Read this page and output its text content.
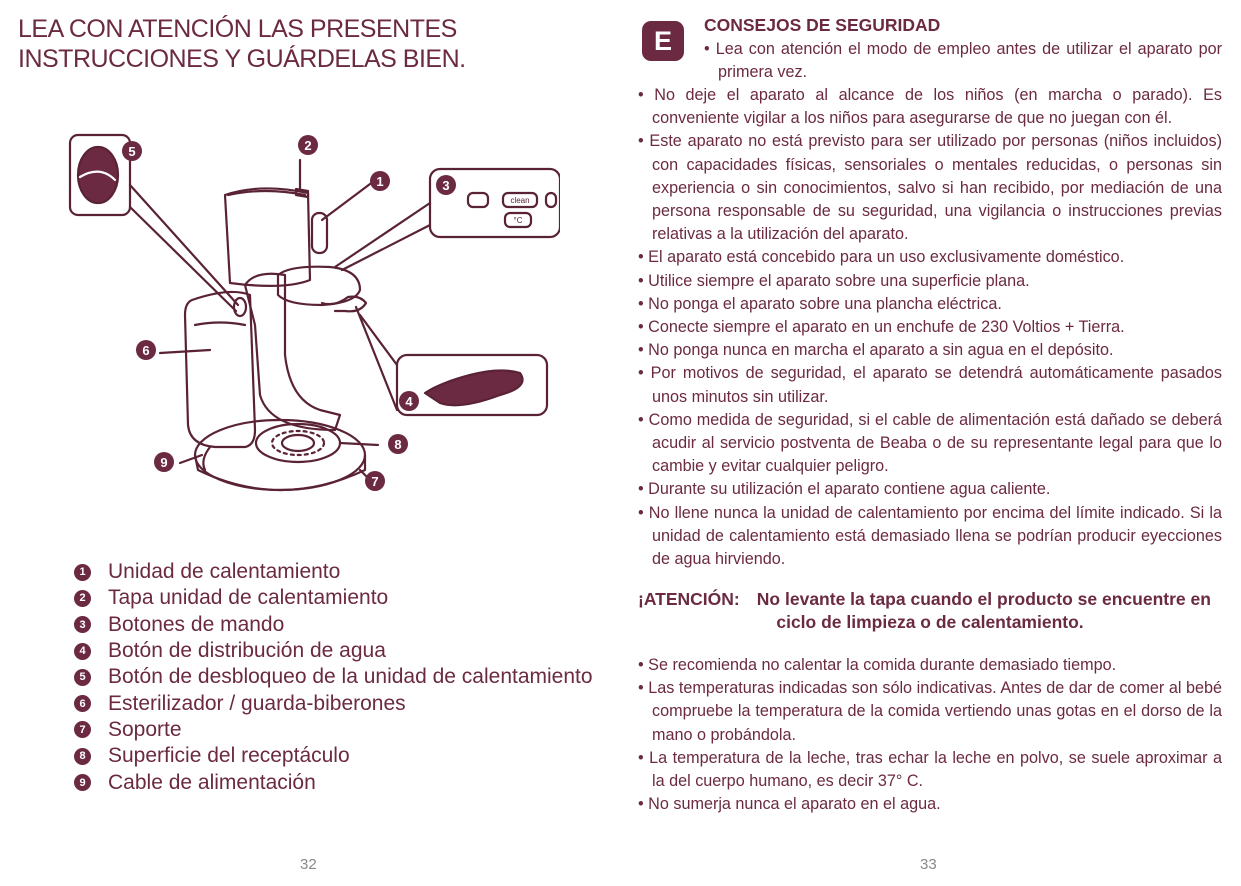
LEA CON ATENCIÓN LAS PRESENTES INSTRUCCIONES Y GUÁRDELAS BIEN.
5	2
1	3
6
4
8
9
7
clean
°C
1 Unidad de calentamiento
2 Tapa unidad de calentamiento
3 Botones de mando
4 Botón de distribución de agua
5 Botón de desbloqueo de la unidad de calentamiento
6 Esterilizador / guarda-biberones
7 Soporte
8 Superficie del receptáculo
9 Cable de alimentación
32
E
CONSEJOS DE SEGURIDAD
• Lea con atención el modo de empleo antes de utilizar el aparato por primera vez.
• No deje el aparato al alcance de los niños (en marcha o parado). Es conveniente vigilar a los niños para asegurarse de que no juegan con él.
• Este aparato no está previsto para ser utilizado por personas (niños incluidos) con capacidades físicas, sensoriales o mentales reducidas, o personas sin experiencia o sin conocimientos, salvo si han recibido, por mediación de una persona responsable de su seguridad, una vigilancia o instrucciones previas relativas a la utilización del aparato.
• El aparato está concebido para un uso exclusivamente doméstico.
• Utilice siempre el aparato sobre una superficie plana.
• No ponga el aparato sobre una plancha eléctrica.
• Conecte siempre el aparato en un enchufe de 230 Voltios + Tierra.
• No ponga nunca en marcha el aparato a sin agua en el depósito.
• Por motivos de seguridad, el aparato se detendrá automáticamente pasados unos minutos sin utilizar.
• Como medida de seguridad, si el cable de alimentación está dañado se deberá acudir al servicio postventa de Beaba o de su representante legal para que lo cambie y evitar cualquier peligro.
• Durante su utilización el aparato contiene agua caliente.
• No llene nunca la unidad de calentamiento por encima del límite indicado. Si la unidad de calentamiento está demasiado llena se podrían producir eyecciones de agua hirviendo.
¡ATENCIÓN: No levante la tapa cuando el producto se encuentre en ciclo de limpieza o de calentamiento.
• Se recomienda no calentar la comida durante demasiado tiempo.
• Las temperaturas indicadas son sólo indicativas. Antes de dar de comer al bebé compruebe la temperatura de la comida vertiendo unas gotas en el dorso de la mano o probándola.
• La temperatura de la leche, tras echar la leche en polvo, se suele aproximar a la del cuerpo humano, es decir 37° C.
• No sumerja nunca el aparato en el agua.
33
